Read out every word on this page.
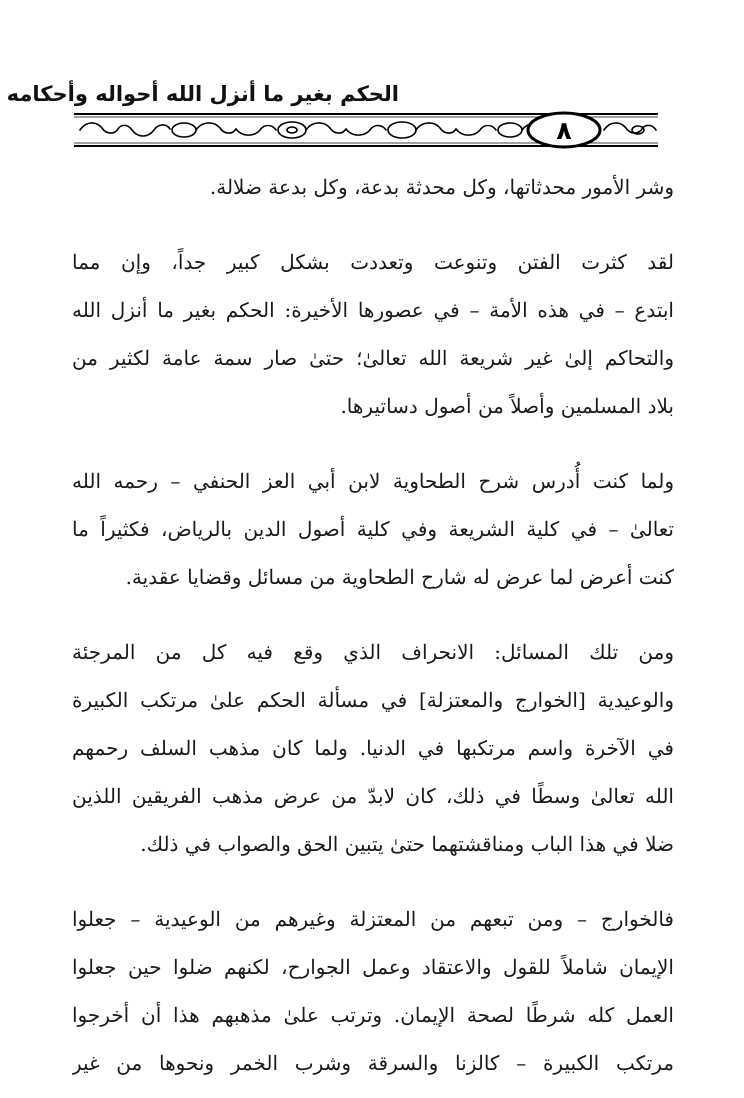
الحكم بغير ما أنزل الله أحواله وأحكامه
٨
وشر الأمور محدثاتها، وكل محدثة بدعة، وكل بدعة ضلالة.
لقد كثرت الفتن وتنوعت وتعددت بشكل كبير جداً، وإن مما
ابتدع – في هذه الأمة – في عصورها الأخيرة: الحكم بغير ما أنزل الله
والتحاكم إلىٰ غير شريعة الله تعالىٰ؛ حتىٰ صار سمة عامة لكثير من
بلاد المسلمين وأصلاً من أصول دساتيرها.
ولما كنت أُدرس شرح الطحاوية لابن أبي العز الحنفي – رحمه الله
تعالىٰ – في كلية الشريعة وفي كلية أصول الدين بالرياض، فكثيراً ما
كنت أعرض لما عرض له شارح الطحاوية من مسائل وقضايا عقدية.
ومن تلك المسائل: الانحراف الذي وقع فيه كل من المرجئة
والوعيدية [الخوارج والمعتزلة] في مسألة الحكم علىٰ مرتكب الكبيرة
في الآخرة واسم مرتكبها في الدنيا. ولما كان مذهب السلف رحمهم
الله تعالىٰ وسطًا في ذلك، كان لابدّ من عرض مذهب الفريقين اللذين
ضلا في هذا الباب ومناقشتهما حتىٰ يتبين الحق والصواب في ذلك.
فالخوارج – ومن تبعهم من المعتزلة وغيرهم من الوعيدية – جعلوا
الإيمان شاملاً للقول والاعتقاد وعمل الجوارح، لكنهم ضلوا حين جعلوا
العمل كله شرطًا لصحة الإيمان. وترتب علىٰ مذهبهم هذا أن أخرجوا
مرتكب الكبيرة – كالزنا والسرقة وشرب الخمر ونحوها من غير
